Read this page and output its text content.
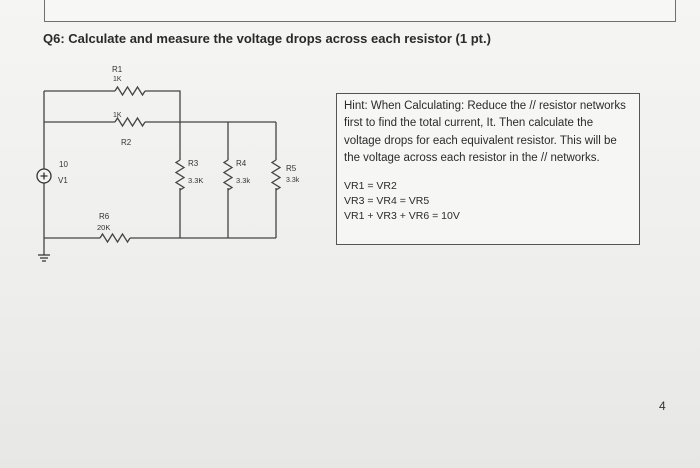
Q6: Calculate and measure the voltage drops across each resistor (1 pt.)
R1
1K
1K
R2
10
V1
R3
3.3K
R4
3.3k
R5
3.3k
R6
20K

Hint: When Calculating: Reduce the // resistor networks first to find the total current, It. Then calculate the voltage drops for each equivalent resistor. This will be the voltage across each resistor in the // networks.

VR1 = VR2
VR3 = VR4 = VR5
VR1 + VR3 + VR6 = 10V
4
